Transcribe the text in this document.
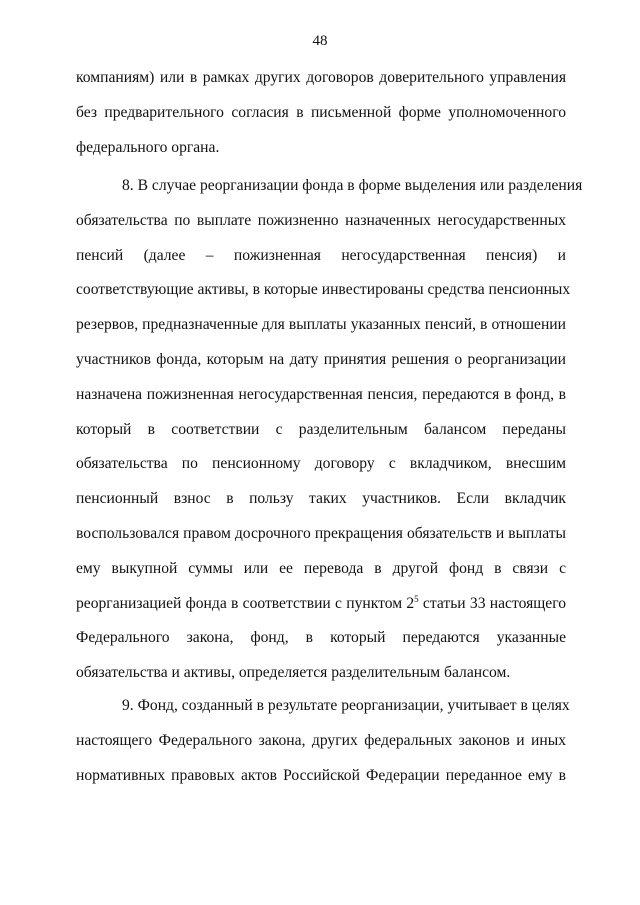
48
компаниям) или в рамках других договоров доверительного управления
без предварительного согласия в письменной форме уполномоченного
федерального органа.
8. В случае реорганизации фонда в форме выделения или разделения
обязательства по выплате пожизненно назначенных негосударственных
пенсий (далее – пожизненная негосударственная пенсия) и
соответствующие активы, в которые инвестированы средства пенсионных
резервов, предназначенные для выплаты указанных пенсий, в отношении
участников фонда, которым на дату принятия решения о реорганизации
назначена пожизненная негосударственная пенсия, передаются в фонд, в
который в соответствии с разделительным балансом переданы
обязательства по пенсионному договору с вкладчиком, внесшим
пенсионный взнос в пользу таких участников. Если вкладчик
воспользовался правом досрочного прекращения обязательств и выплаты
ему выкупной суммы или ее перевода в другой фонд в связи с
реорганизацией фонда в соответствии с пунктом $2^5$ статьи 33 настоящего
Федерального закона, фонд, в который передаются указанные
обязательства и активы, определяется разделительным балансом.
9. Фонд, созданный в результате реорганизации, учитывает в целях
настоящего Федерального закона, других федеральных законов и иных
нормативных правовых актов Российской Федерации переданное ему в
